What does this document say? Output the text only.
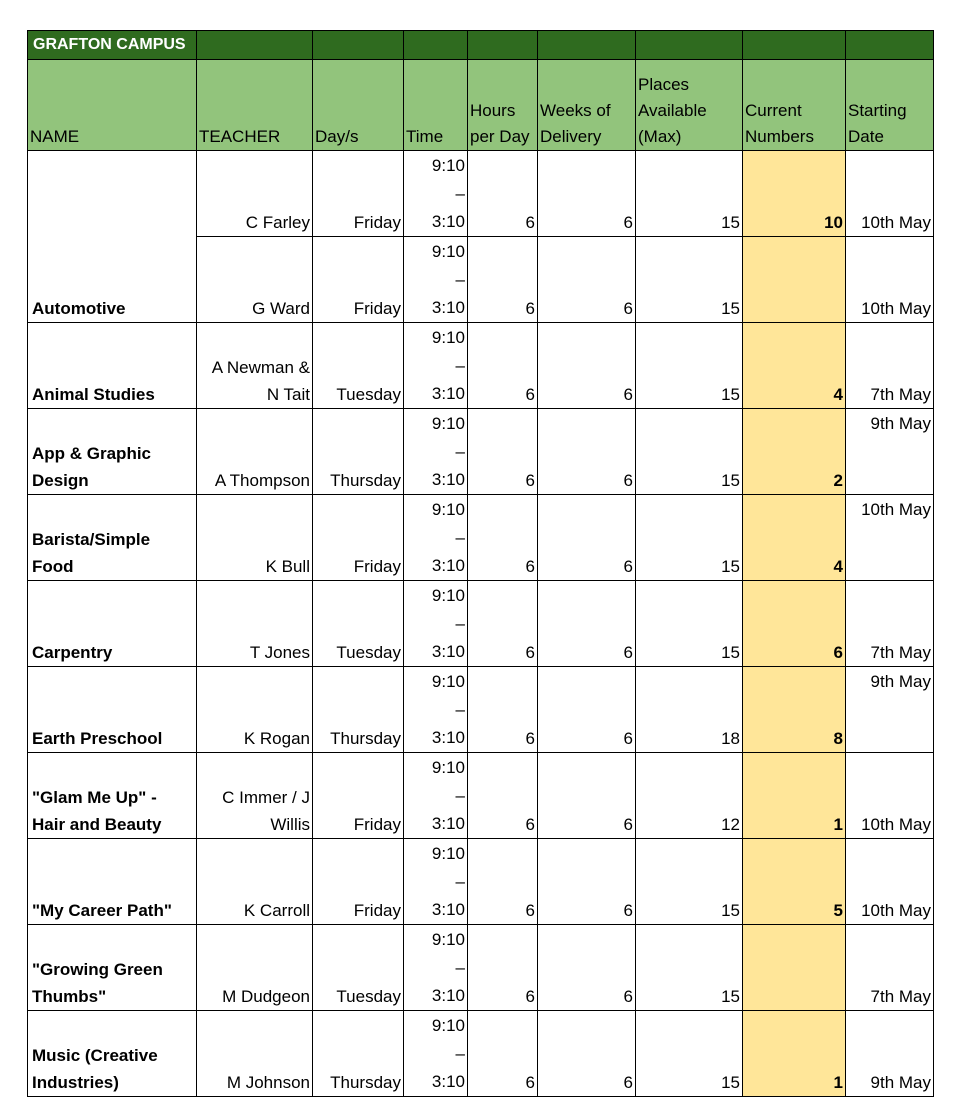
GRAFTON CAMPUS								
NAME	TEACHER	Day/s	Time	Hours per Day	Weeks of Delivery	Places Available (Max)	Current Numbers	Starting Date
Automotive	C Farley	Friday	9:10
–
3:10	6	6	15	10	10th May
	G Ward	Friday	9:10
–
3:10	6	6	15		10th May
Animal Studies	A Newman & N Tait	Tuesday	9:10
–
3:10	6	6	15	4	7th May
App & Graphic Design	A Thompson	Thursday	9:10
–
3:10	6	6	15	2	9th May
Barista/Simple Food	K Bull	Friday	9:10
–
3:10	6	6	15	4	10th May
Carpentry	T Jones	Tuesday	9:10
–
3:10	6	6	15	6	7th May
Earth Preschool	K Rogan	Thursday	9:10
–
3:10	6	6	18	8	9th May
"Glam Me Up" - Hair and Beauty	C Immer / J Willis	Friday	9:10
–
3:10	6	6	12	1	10th May
"My Career Path"	K Carroll	Friday	9:10
–
3:10	6	6	15	5	10th May
"Growing Green Thumbs"	M Dudgeon	Tuesday	9:10
–
3:10	6	6	15		7th May
Music (Creative Industries)	M Johnson	Thursday	9:10
–
3:10	6	6	15	1	9th May
